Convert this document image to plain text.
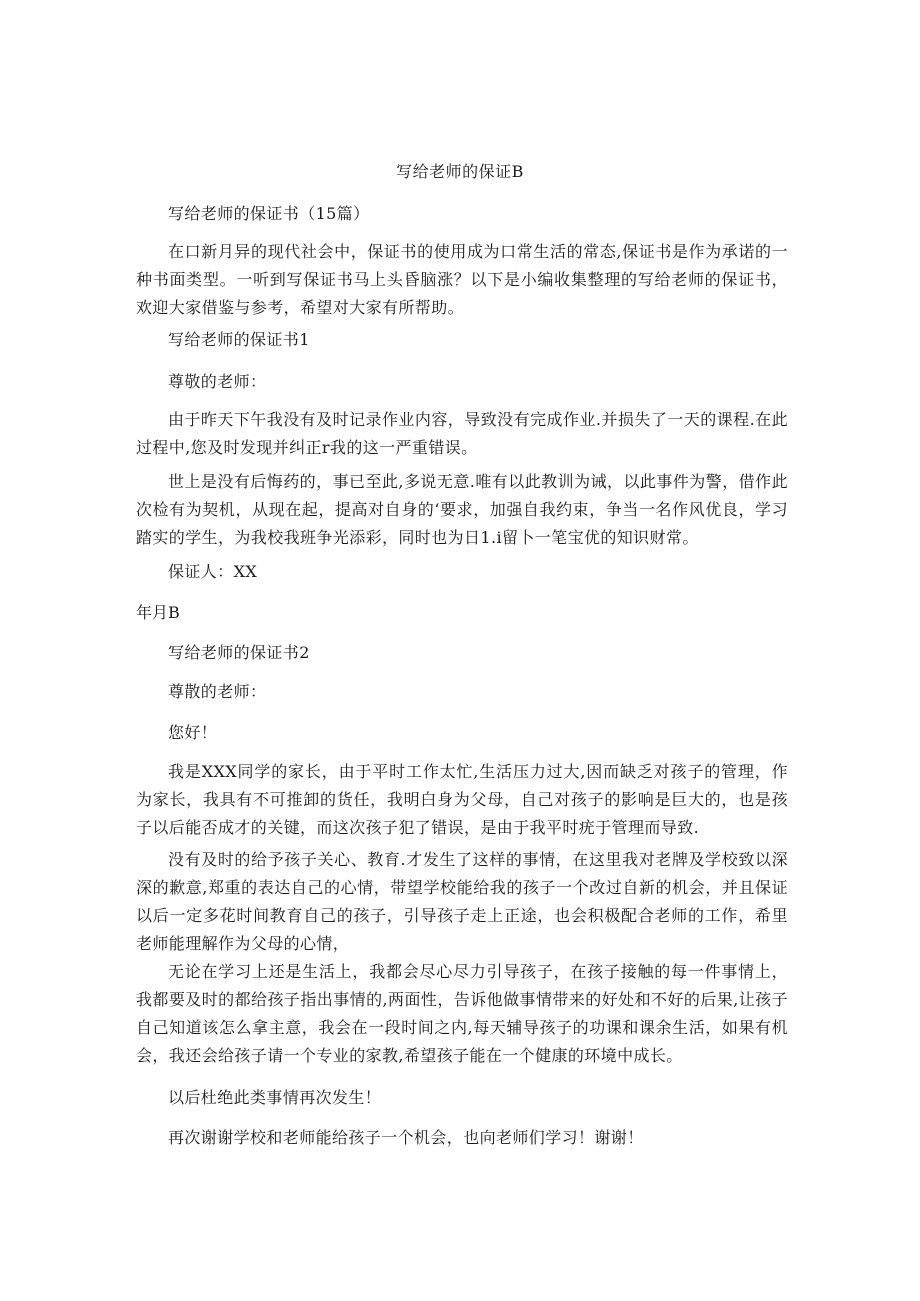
写给老师的保证B
写给老师的保证书（15篇）
在口新月异的现代社会中，保证书的使用成为口常生活的常态,保证书是作为承诺的一种书面类型。一听到写保证书马上头昏脑涨？以下是小编收集整理的写给老师的保证书，欢迎大家借鉴与参考，希望对大家有所帮助。
写给老师的保证书1
尊敬的老师：
由于昨天下午我没有及时记录作业内容，导致没有完成作业.并损失了一天的课程.在此过程中,您及时发现并纠正r我的这一严重错误。
世上是没有后悔药的，事已至此,多说无意.唯有以此教训为诫，以此事件为警，借作此次检有为契机，从现在起，提高对自身的‘要求，加强自我约束，争当一名作风优良，学习踏实的学生，为我校我班争光添彩，同时也为日1.i留卜一笔宝优的知识财常。
保证人：XX
年月B
写给老师的保证书2
尊散的老师：
您好！
我是XXX同学的家长，由于平时工作太忙,生活压力过大,因而缺乏对孩子的管理，作为家长，我具有不可推卸的货任，我明白身为父母，自己对孩子的影响是巨大的，也是孩子以后能否成才的关键，而这次孩子犯了错误，是由于我平时疣于管理而导致.
没有及时的给予孩子关心、教育.才发生了这样的事情，在这里我对老牌及学校致以深深的歉意,郑重的表达自己的心情，带望学校能给我的孩子一个改过自新的机会，并且保证以后一定多花时间教育自己的孩子，引导孩子走上正途，也会积极配合老师的工作，希里老师能理解作为父母的心情，
无论在学习上还是生活上，我都会尽心尽力引导孩子，在孩子接触的每一件事情上，我都要及时的都给孩子指出事情的,两面性，告诉他做事情带来的好处和不好的后果,让孩子自己知道该怎么拿主意，我会在一段时间之内,每天辅导孩子的功课和课余生活，如果有机会，我还会给孩子请一个专业的家教,希望孩子能在一个健康的环境中成长。
以后杜绝此类事情再次发生！
再次谢谢学校和老师能给孩子一个机会，也向老师们学习！谢谢！
